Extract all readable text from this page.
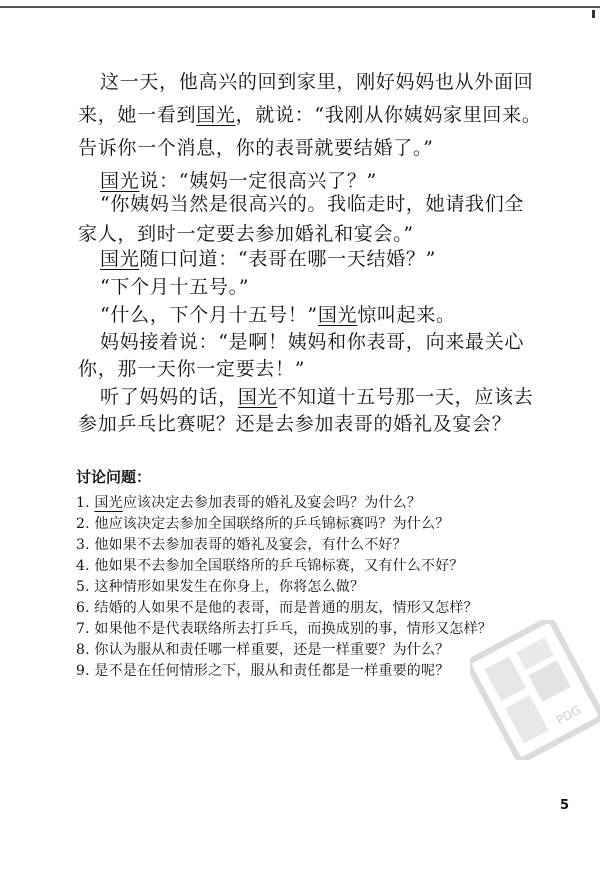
这一天，他高兴的回到家里，刚好妈妈也从外面回
来，她一看到国光，就说：“我刚从你姨妈家里回来。
告诉你一个消息，你的表哥就要结婚了。”
国光说：“姨妈一定很高兴了？”
“你姨妈当然是很高兴的。我临走时，她请我们全
家人，到时一定要去参加婚礼和宴会。”
国光随口问道：“表哥在哪一天结婚？”
“下个月十五号。”
“什么，下个月十五号！”国光惊叫起来。
妈妈接着说：“是啊！姨妈和你表哥，向来最关心
你，那一天你一定要去！”
听了妈妈的话，国光不知道十五号那一天，应该去
参加乒乓比赛呢？还是去参加表哥的婚礼及宴会？
讨论问题：
1. 国光应该决定去参加表哥的婚礼及宴会吗？为什么？
2. 他应该决定去参加全国联络所的乒乓锦标赛吗？为什么？
3. 他如果不去参加表哥的婚礼及宴会，有什么不好？
4. 他如果不去参加全国联络所的乒乓锦标赛，又有什么不好？
5. 这种情形如果发生在你身上，你将怎么做？
6. 结婚的人如果不是他的表哥，而是普通的朋友，情形又怎样？
7. 如果他不是代表联络所去打乒乓，而换成别的事，情形又怎样？
8. 你认为服从和责任哪一样重要，还是一样重要？为什么？
9. 是不是在任何情形之下，服从和责任都是一样重要的呢？
PDG
5
